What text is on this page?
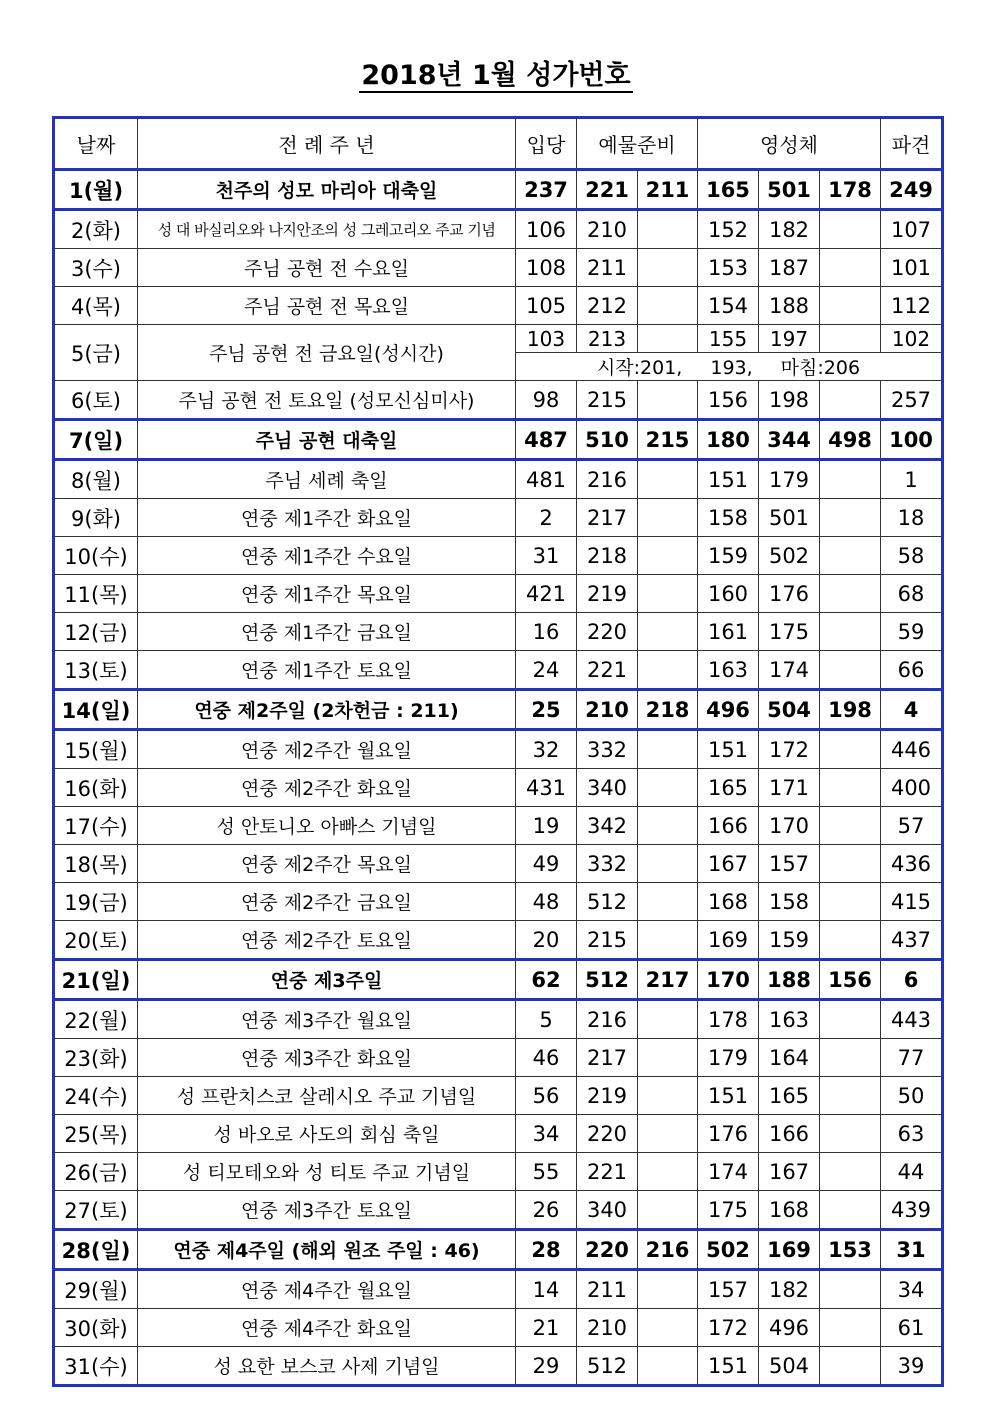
2018년 1월 성가번호
날짜	전 례 주 년	입당	예물준비		영성체			파견
1(월)	천주의 성모 마리아 대축일	237	221	211	165	501	178	249
2(화)	성 대 바실리오와 나지안조의 성 그레고리오 주교 기념	106	210		152	182		107
3(수)	주님 공현 전 수요일	108	211		153	187		101
4(목)	주님 공현 전 목요일	105	212		154	188		112
5(금)	주님 공현 전 금요일(성시간)	103	213		155	197		102
		시작:201, 193, 마침:206						
6(토)	주님 공현 전 토요일 (성모신심미사)	98	215		156	198		257
7(일)	주님 공현 대축일	487	510	215	180	344	498	100
8(월)	주님 세례 축일	481	216		151	179		1
9(화)	연중 제1주간 화요일	2	217		158	501		18
10(수)	연중 제1주간 수요일	31	218		159	502		58
11(목)	연중 제1주간 목요일	421	219		160	176		68
12(금)	연중 제1주간 금요일	16	220		161	175		59
13(토)	연중 제1주간 토요일	24	221		163	174		66
14(일)	연중 제2주일 (2차헌금 : 211)	25	210	218	496	504	198	4
15(월)	연중 제2주간 월요일	32	332		151	172		446
16(화)	연중 제2주간 화요일	431	340		165	171		400
17(수)	성 안토니오 아빠스 기념일	19	342		166	170		57
18(목)	연중 제2주간 목요일	49	332		167	157		436
19(금)	연중 제2주간 금요일	48	512		168	158		415
20(토)	연중 제2주간 토요일	20	215		169	159		437
21(일)	연중 제3주일	62	512	217	170	188	156	6
22(월)	연중 제3주간 월요일	5	216		178	163		443
23(화)	연중 제3주간 화요일	46	217		179	164		77
24(수)	성 프란치스코 살레시오 주교 기념일	56	219		151	165		50
25(목)	성 바오로 사도의 회심 축일	34	220		176	166		63
26(금)	성 티모테오와 성 티토 주교 기념일	55	221		174	167		44
27(토)	연중 제3주간 토요일	26	340		175	168		439
28(일)	연중 제4주일 (해외 원조 주일 : 46)	28	220	216	502	169	153	31
29(월)	연중 제4주간 월요일	14	211		157	182		34
30(화)	연중 제4주간 화요일	21	210		172	496		61
31(수)	성 요한 보스코 사제 기념일	29	512		151	504		39
